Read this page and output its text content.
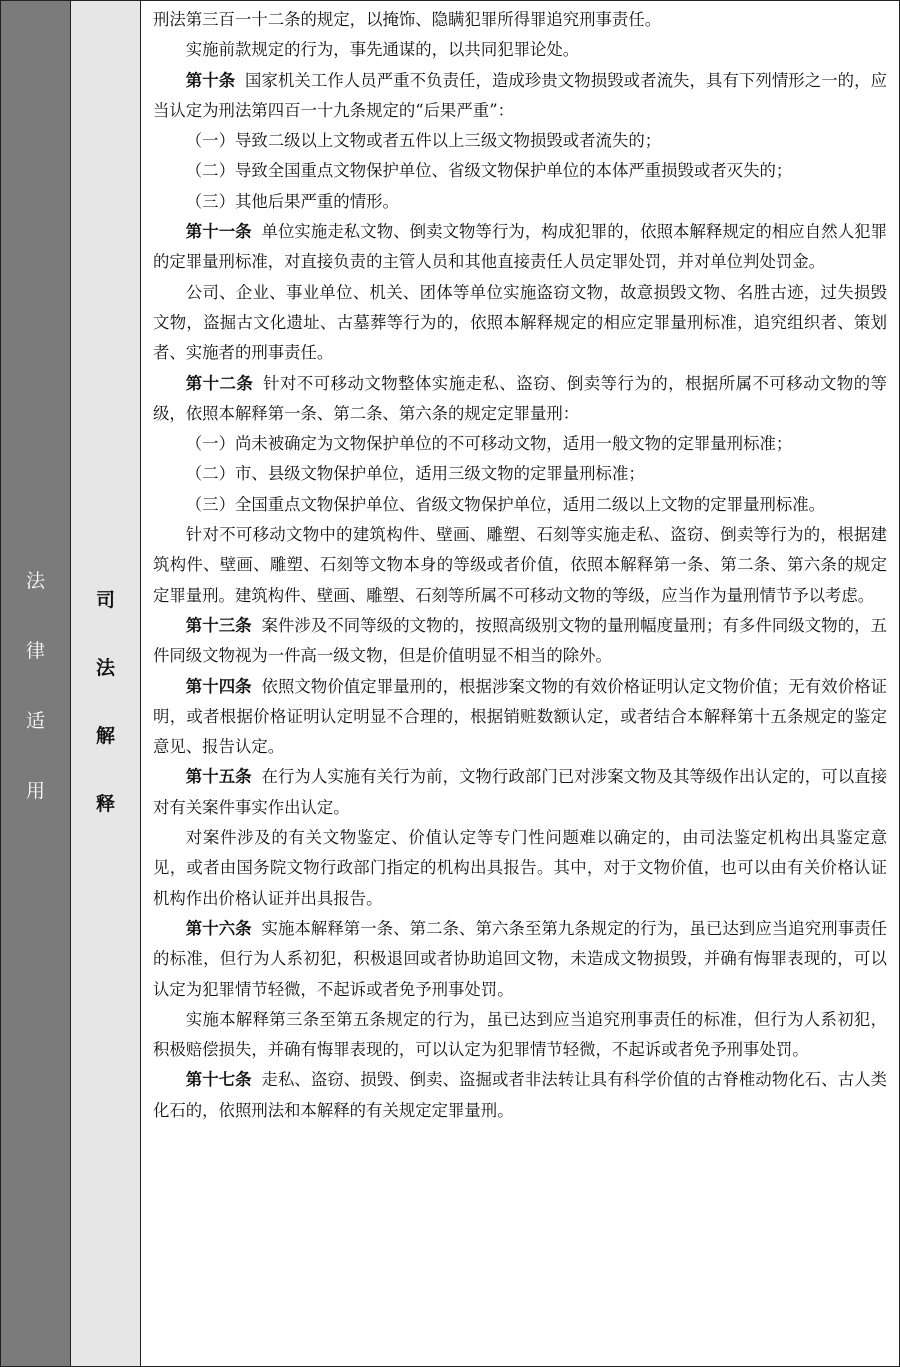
法
律
适
用
司
法
解
释

刑法第三百一十二条的规定，以掩饰、隐瞒犯罪所得罪追究刑事责任。

实施前款规定的行为，事先通谋的，以共同犯罪论处。

第十条 国家机关工作人员严重不负责任，造成珍贵文物损毁或者流失，具有下列情形之一的，应当认定为刑法第四百一十九条规定的“后果严重”：

（一）导致二级以上文物或者五件以上三级文物损毁或者流失的；

（二）导致全国重点文物保护单位、省级文物保护单位的本体严重损毁或者灭失的；

（三）其他后果严重的情形。

第十一条 单位实施走私文物、倒卖文物等行为，构成犯罪的，依照本解释规定的相应自然人犯罪的定罪量刑标准，对直接负责的主管人员和其他直接责任人员定罪处罚，并对单位判处罚金。

公司、企业、事业单位、机关、团体等单位实施盗窃文物，故意损毁文物、名胜古迹，过失损毁文物，盗掘古文化遗址、古墓葬等行为的，依照本解释规定的相应定罪量刑标准，追究组织者、策划者、实施者的刑事责任。

第十二条 针对不可移动文物整体实施走私、盗窃、倒卖等行为的，根据所属不可移动文物的等级，依照本解释第一条、第二条、第六条的规定定罪量刑：

（一）尚未被确定为文物保护单位的不可移动文物，适用一般文物的定罪量刑标准；

（二）市、县级文物保护单位，适用三级文物的定罪量刑标准；

（三）全国重点文物保护单位、省级文物保护单位，适用二级以上文物的定罪量刑标准。

针对不可移动文物中的建筑构件、壁画、雕塑、石刻等实施走私、盗窃、倒卖等行为的，根据建筑构件、壁画、雕塑、石刻等文物本身的等级或者价值，依照本解释第一条、第二条、第六条的规定定罪量刑。建筑构件、壁画、雕塑、石刻等所属不可移动文物的等级，应当作为量刑情节予以考虑。

第十三条 案件涉及不同等级的文物的，按照高级别文物的量刑幅度量刑；有多件同级文物的，五件同级文物视为一件高一级文物，但是价值明显不相当的除外。

第十四条 依照文物价值定罪量刑的，根据涉案文物的有效价格证明认定文物价值；无有效价格证明，或者根据价格证明认定明显不合理的，根据销赃数额认定，或者结合本解释第十五条规定的鉴定意见、报告认定。

第十五条 在行为人实施有关行为前，文物行政部门已对涉案文物及其等级作出认定的，可以直接对有关案件事实作出认定。

对案件涉及的有关文物鉴定、价值认定等专门性问题难以确定的，由司法鉴定机构出具鉴定意见，或者由国务院文物行政部门指定的机构出具报告。其中，对于文物价值，也可以由有关价格认证机构作出价格认证并出具报告。

第十六条 实施本解释第一条、第二条、第六条至第九条规定的行为，虽已达到应当追究刑事责任的标准，但行为人系初犯，积极退回或者协助追回文物，未造成文物损毁，并确有悔罪表现的，可以认定为犯罪情节轻微，不起诉或者免予刑事处罚。

实施本解释第三条至第五条规定的行为，虽已达到应当追究刑事责任的标准，但行为人系初犯，积极赔偿损失，并确有悔罪表现的，可以认定为犯罪情节轻微，不起诉或者免予刑事处罚。

第十七条 走私、盗窃、损毁、倒卖、盗掘或者非法转让具有科学价值的古脊椎动物化石、古人类化石的，依照刑法和本解释的有关规定定罪量刑。
